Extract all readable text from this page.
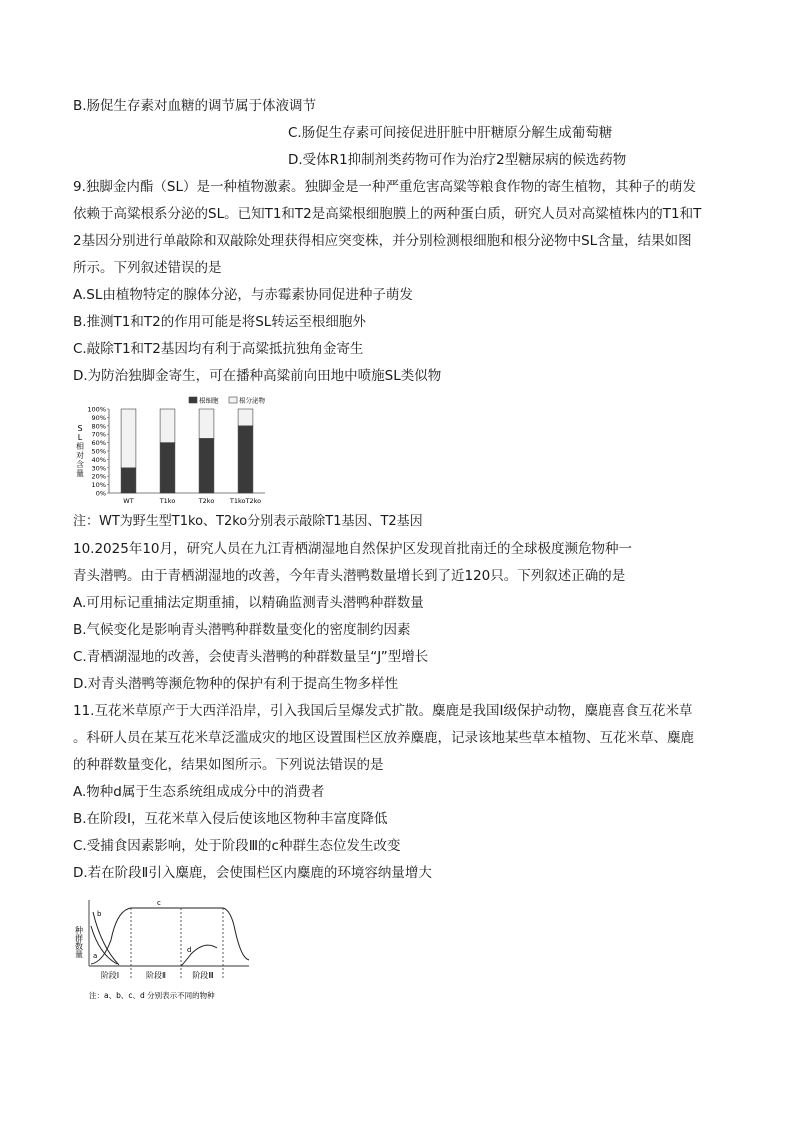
B.肠促生存素对血糖的调节属于体液调节
C.肠促生存素可间接促进肝脏中肝糖原分解生成葡萄糖
D.受体R1抑制剂类药物可作为治疗2型糖尿病的候选药物
9.独脚金内酯（SL）是一种植物激素。独脚金是一种严重危害高粱等粮食作物的寄生植物，其种子的萌发
依赖于高粱根系分泌的SL。已知T1和T2是高粱根细胞膜上的两种蛋白质，研究人员对高粱植株内的T1和T
2基因分别进行单敲除和双敲除处理获得相应突变株，并分别检测根细胞和根分泌物中SL含量，结果如图
所示。下列叙述错误的是
A.SL由植物特定的腺体分泌，与赤霉素协同促进种子萌发
B.推测T1和T2的作用可能是将SL转运至根细胞外
C.敲除T1和T2基因均有利于高粱抵抗独角金寄生
D.为防治独脚金寄生，可在播种高粱前向田地中喷施SL类似物
根细胞	根分泌物
S L 相对含量
0%
10%
20%
30%
40%
50%
60%
70%
80%
90%
100%
WT	T1ko	T2ko T1koT2ko
注：WT为野生型T1ko、T2ko分别表示敲除T1基因、T2基因
10.2025年10月，研究人员在九江青栖湖湿地自然保护区发现首批南迁的全球极度濒危物种一
青头潜鸭。由于青栖湖湿地的改善，今年青头潜鸭数量增长到了近120只。下列叙述正确的是
A.可用标记重捕法定期重捕，以精确监测青头潜鸭种群数量
B.气候变化是影响青头潜鸭种群数量变化的密度制约因素
C.青栖湖湿地的改善，会使青头潜鸭的种群数量呈“J”型增长
D.对青头潜鸭等濒危物种的保护有利于提高生物多样性
11.互花米草原产于大西洋沿岸，引入我国后呈爆发式扩散。麋鹿是我国Ⅰ级保护动物，麋鹿喜食互花米草
。科研人员在某互花米草泛滥成灾的地区设置围栏区放养麋鹿，记录该地某些草本植物、互花米草、麋鹿
的种群数量变化，结果如图所示。下列说法错误的是
A.物种d属于生态系统组成成分中的消费者
B.在阶段Ⅰ，互花米草入侵后使该地区物种丰富度降低
C.受捕食因素影响，处于阶段Ⅲ的c种群生态位发生改变
D.若在阶段Ⅱ引入麋鹿，会使围栏区内麋鹿的环境容纳量增大
种群数量 a
b
c
d
阶段Ⅰ	阶段Ⅱ	阶段Ⅲ
注：a、b、c、d 分别表示不同的物种
